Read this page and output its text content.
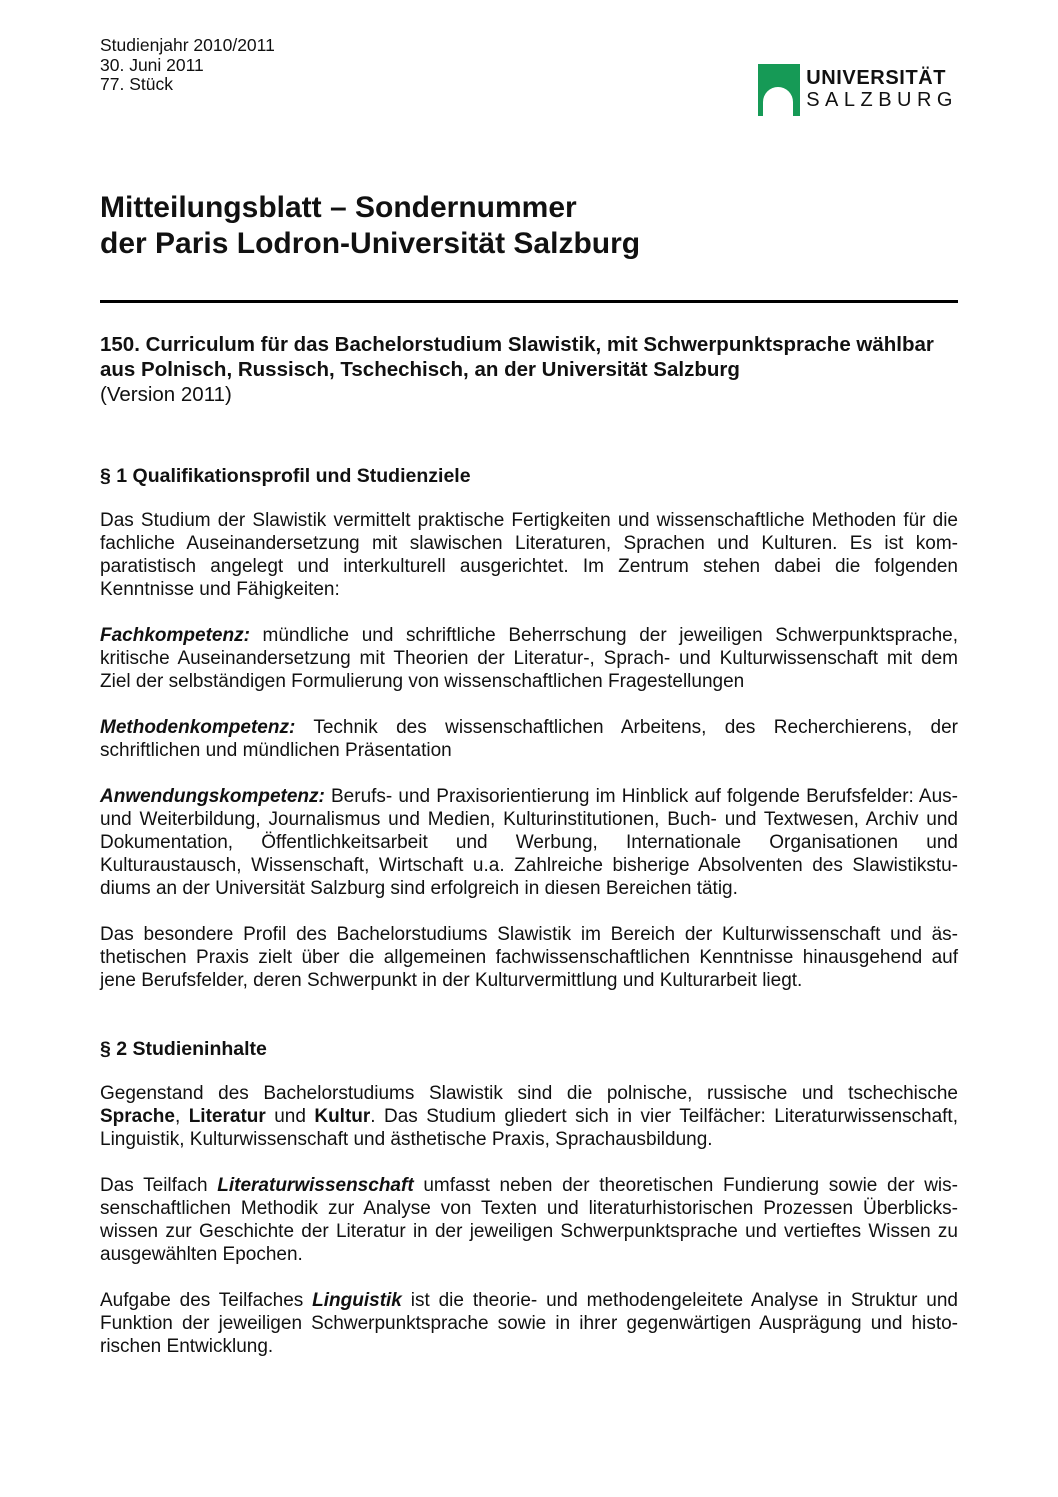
Studienjahr 2010/2011
30. Juni 2011
77. Stück	UNIVERSITÄT
SALZBURG
Mitteilungsblatt – Sondernummer
der Paris Lodron-Universität Salzburg
150. Curriculum für das Bachelorstudium Slawistik, mit Schwerpunktsprache wählbar aus Polnisch, Russisch, Tschechisch, an der Universität Salzburg
(Version 2011)
§ 1 Qualifikationsprofil und Studienziele

Das Studium der Slawistik vermittelt praktische Fertigkeiten und wissenschaftliche Methoden für die fachliche Auseinandersetzung mit slawischen Literaturen, Sprachen und Kulturen. Es ist komparatistisch angelegt und interkulturell ausgerichtet. Im Zentrum stehen dabei die folgenden Kenntnisse und Fähigkeiten:

Fachkompetenz: mündliche und schriftliche Beherrschung der jeweiligen Schwerpunktsprache, kritische Auseinandersetzung mit Theorien der Literatur-, Sprach- und Kulturwissenschaft mit dem Ziel der selbständigen Formulierung von wissenschaftlichen Fragestellungen

Methodenkompetenz: Technik des wissenschaftlichen Arbeitens, des Recherchierens, der schriftlichen und mündlichen Präsentation

Anwendungskompetenz: Berufs- und Praxisorientierung im Hinblick auf folgende Berufsfelder: Aus- und Weiterbildung, Journalismus und Medien, Kulturinstitutionen, Buch- und Textwesen, Archiv und Dokumentation, Öffentlichkeitsarbeit und Werbung, Internationale Organisationen und Kulturaustausch, Wissenschaft, Wirtschaft u.a. Zahlreiche bisherige Absolventen des Slawistikstudiums an der Universität Salzburg sind erfolgreich in diesen Bereichen tätig.

Das besondere Profil des Bachelorstudiums Slawistik im Bereich der Kulturwissenschaft und ästhetischen Praxis zielt über die allgemeinen fachwissenschaftlichen Kenntnisse hinausgehend auf jene Berufsfelder, deren Schwerpunkt in der Kulturvermittlung und Kulturarbeit liegt.

§ 2 Studieninhalte

Gegenstand des Bachelorstudiums Slawistik sind die polnische, russische und tschechische Sprache, Literatur und Kultur. Das Studium gliedert sich in vier Teilfächer: Literaturwissenschaft, Linguistik, Kulturwissenschaft und ästhetische Praxis, Sprachausbildung.

Das Teilfach Literaturwissenschaft umfasst neben der theoretischen Fundierung sowie der wissenschaftlichen Methodik zur Analyse von Texten und literaturhistorischen Prozessen Überblickswissen zur Geschichte der Literatur in der jeweiligen Schwerpunktsprache und vertieftes Wissen zu ausgewählten Epochen.

Aufgabe des Teilfaches Linguistik ist die theorie- und methodengeleitete Analyse in Struktur und Funktion der jeweiligen Schwerpunktsprache sowie in ihrer gegenwärtigen Ausprägung und historischen Entwicklung.
